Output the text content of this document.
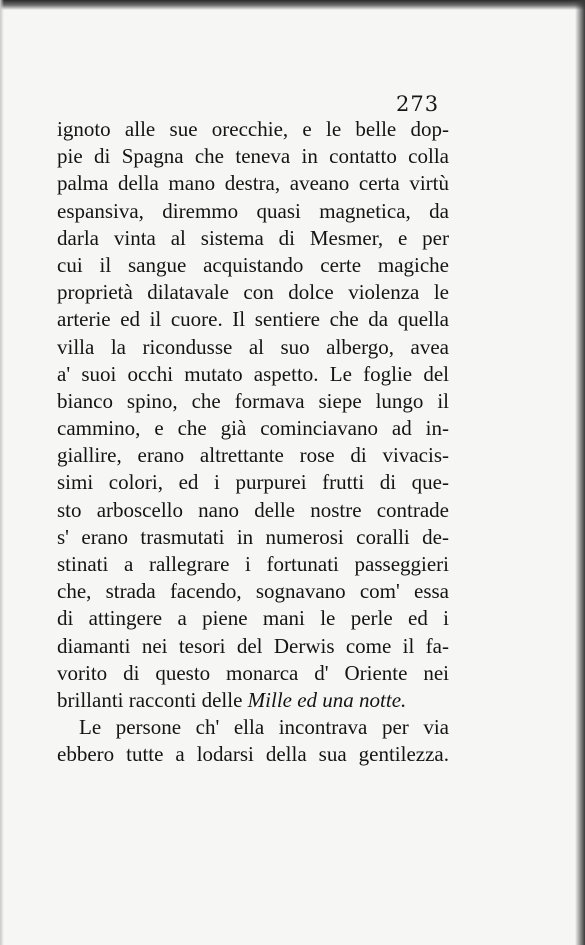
273
ignoto alle sue orecchie, e le belle dop-
pie di Spagna che teneva in contatto colla
palma della mano destra, aveano certa virtù
espansiva, diremmo quasi magnetica, da
darla vinta al sistema di Mesmer, e per
cui il sangue acquistando certe magiche
proprietà dilatavale con dolce violenza le
arterie ed il cuore. Il sentiere che da quella
villa la ricondusse al suo albergo, avea
a' suoi occhi mutato aspetto. Le foglie del
bianco spino, che formava siepe lungo il
cammino, e che già cominciavano ad in-
giallire, erano altrettante rose di vivacis-
simi colori, ed i purpurei frutti di que-
sto arboscello nano delle nostre contrade
s' erano trasmutati in numerosi coralli de-
stinati a rallegrare i fortunati passeggieri
che, strada facendo, sognavano com' essa
di attingere a piene mani le perle ed i
diamanti nei tesori del Derwis come il fa-
vorito di questo monarca d' Oriente nei
brillanti racconti delle Mille ed una notte.
Le persone ch' ella incontrava per via
ebbero tutte a lodarsi della sua gentilezza.
